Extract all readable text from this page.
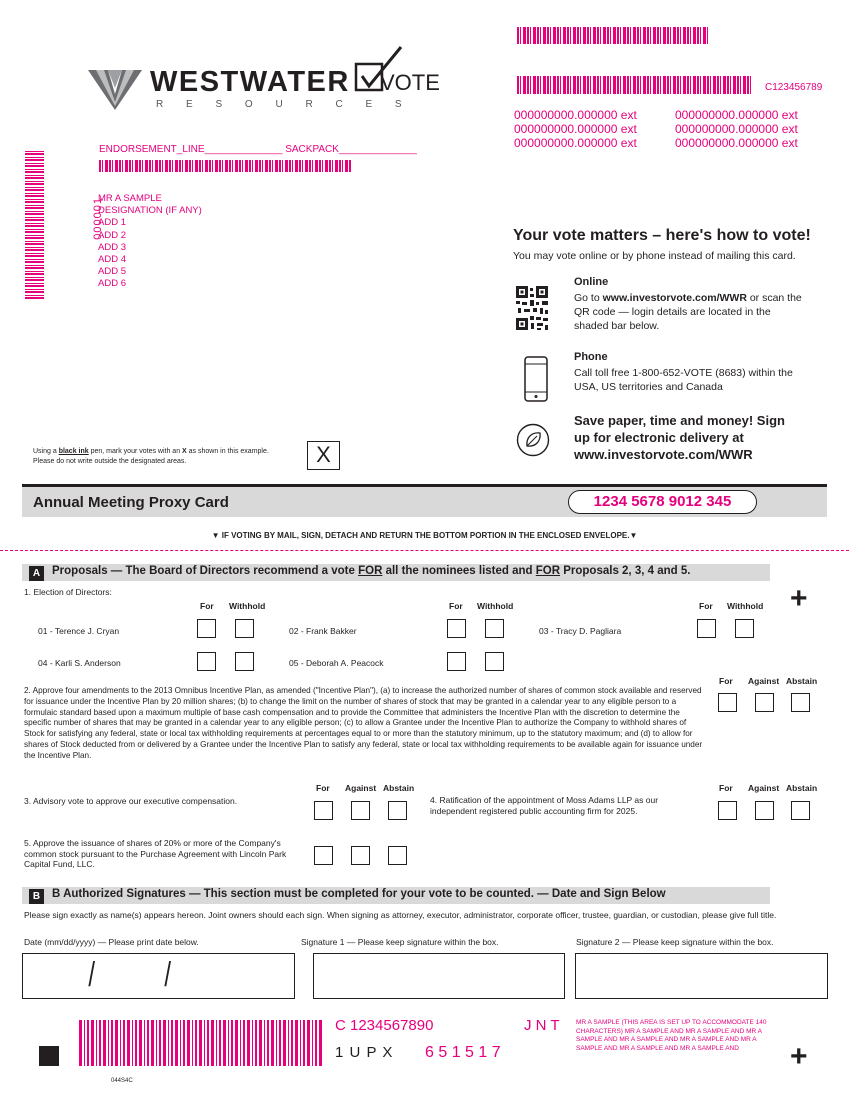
WESTWATER
R E S O U R C E S
VOTE	C123456789
000000000.000000 ext	000000000.000000 ext
000000000.000000 ext	000000000.000000 ext
000000000.000000 ext	000000000.000000 ext
ENDORSEMENT_LINE______________ SACKPACK______________
000001
MR A SAMPLE
DESIGNATION (IF ANY)
ADD 1
ADD 2
ADD 3
ADD 4
ADD 5
ADD 6
Your vote matters – here's how to vote!
You may vote online or by phone instead of mailing this card.
Online
Go to www.investorvote.com/WWR or scan the QR code — login details are located in the shaded bar below.
Phone
Call toll free 1-800-652-VOTE (8683) within the USA, US territories and Canada
Save paper, time and money! Sign up for electronic delivery at www.investorvote.com/WWR
Using a black ink pen, mark your votes with an X as shown in this example.
Please do not write outside the designated areas.	X
Annual Meeting Proxy Card	1234 5678 9012 345
▼ IF VOTING BY MAIL, SIGN, DETACH AND RETURN THE BOTTOM PORTION IN THE ENCLOSED ENVELOPE.▼
A	Proposals — The Board of Directors recommend a vote FOR all the nominees listed and FOR Proposals 2, 3, 4 and 5.
+
1. Election of Directors:
For Withhold	For Withhold	For Withhold
01 - Terence J. Cryan	02 - Frank Bakker	03 - Tracy D. Pagliara
04 - Karli S. Anderson	05 - Deborah A. Peacock
2. Approve four amendments to the 2013 Omnibus Incentive Plan, as amended ("Incentive Plan"), (a) to increase the authorized number of shares of common stock available and reserved for issuance under the Incentive Plan by 20 million shares; (b) to change the limit on the number of shares of stock that may be granted in a calendar year to any eligible person to a formulaic standard based upon a maximum multiple of base cash compensation and to provide the Committee that administers the Incentive Plan with the discretion to determine the specific number of shares that may be granted in a calendar year to any eligible person; (c) to allow a Grantee under the Incentive Plan to authorize the Company to withhold shares of Stock for satisfying any federal, state or local tax withholding requirements at percentages equal to or more than the statutory minimum, up to the statutory maximum; and (d) to allow for shares of Stock deducted from or delivered by a Grantee under the Incentive Plan to satisfy any federal, state or local tax withholding requirements to be available again for issuance under the Incentive Plan.
For Against Abstain
3. Advisory vote to approve our executive compensation.
For Against Abstain
4. Ratification of the appointment of Moss Adams LLP as our independent registered public accounting firm for 2025.
For Against Abstain
5. Approve the issuance of shares of 20% or more of the Company's common stock pursuant to the Purchase Agreement with Lincoln Park Capital Fund, LLC.
B	B Authorized Signatures — This section must be completed for your vote to be counted. — Date and Sign Below
Please sign exactly as name(s) appears hereon. Joint owners should each sign. When signing as attorney, executor, administrator, corporate officer, trustee, guardian, or custodian, please give full title.
Date (mm/dd/yyyy) — Please print date below.	Signature 1 — Please keep signature within the box.	Signature 2 — Please keep signature within the box.
/ /
C 1234567890	J N T
1 U P X 6 5 1 5 1 7
MR A SAMPLE (THIS AREA IS SET UP TO ACCOMMODATE 140 CHARACTERS) MR A SAMPLE AND MR A SAMPLE AND MR A SAMPLE AND MR A SAMPLE AND MR A SAMPLE AND MR A SAMPLE AND MR A SAMPLE AND MR A SAMPLE AND	+
044S4C
